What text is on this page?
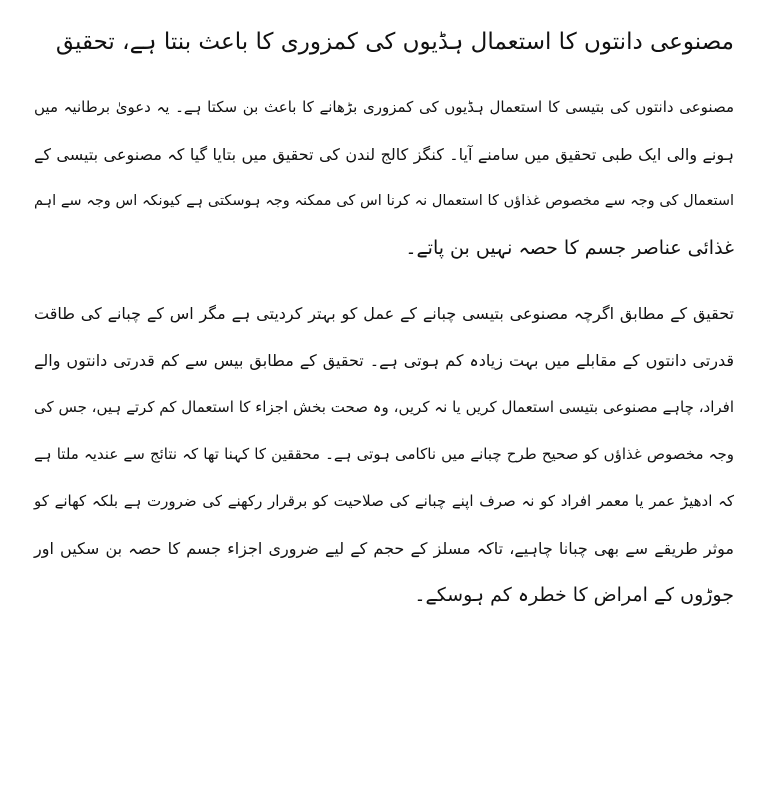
مصنوعی دانتوں کا استعمال ہڈیوں کی کمزوری کا باعث بنتا ہے، تحقیق

مصنوعی دانتوں کی بتیسی کا استعمال ہڈیوں کی کمزوری بڑھانے کا باعث بن سکتا ہے۔ یہ دعویٰ برطانیہ میں
ہونے والی ایک طبی تحقیق میں سامنے آیا۔ کنگز کالج لندن کی تحقیق میں بتایا گیا کہ مصنوعی بتیسی کے
استعمال کی وجہ سے مخصوص غذاؤں کا استعمال نہ کرنا اس کی ممکنہ وجہ ہوسکتی ہے کیونکہ اس وجہ سے اہم
غذائی عناصر جسم کا حصہ نہیں بن پاتے۔

تحقیق کے مطابق اگرچہ مصنوعی بتیسی چبانے کے عمل کو بہتر کردیتی ہے مگر اس کے چبانے کی طاقت
قدرتی دانتوں کے مقابلے میں بہت زیادہ کم ہوتی ہے۔ تحقیق کے مطابق بیس سے کم قدرتی دانتوں والے
افراد، چاہے مصنوعی بتیسی استعمال کریں یا نہ کریں، وہ صحت بخش اجزاء کا استعمال کم کرتے ہیں، جس کی
وجہ مخصوص غذاؤں کو صحیح طرح چبانے میں ناکامی ہوتی ہے۔ محققین کا کہنا تھا کہ نتائج سے عندیہ ملتا ہے
کہ ادھیڑ عمر یا معمر افراد کو نہ صرف اپنے چبانے کی صلاحیت کو برقرار رکھنے کی ضرورت ہے بلکہ کھانے کو
موثر طریقے سے بھی چبانا چاہیے، تاکہ مسلز کے حجم کے لیے ضروری اجزاء جسم کا حصہ بن سکیں اور
جوڑوں کے امراض کا خطرہ کم ہوسکے۔
